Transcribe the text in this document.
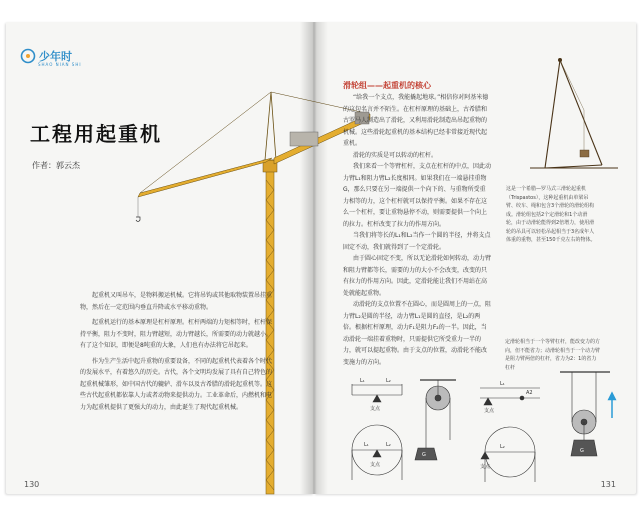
少年时
SHAO NIAN SHI
工程用起重机
作者：郭云杰

起重机又叫吊车，是物料搬运机械。它将吊钩或其他取物装置吊挂重物，然后在一定范围内垂直升降或水平移动重物。

起重机运行的基本原理是杠杆原理。杠杆两端的力矩相等时，杠杆保持平衡，阻力不变时，阻力臂越短，动力臂越长，所需要的动力就越小。有了这个知识，即便是8吨重的大象，人们也有办法将它吊起来。

作为生产生活中起升重物的重要设备，不同的起重机代表着各个时代的发展水平，有着悠久的历史。古代，各个文明均发展了具有自己特色的起重机械雏形，如中国古代的辘轳、滑车以及古希腊的滑轮起重机等。这些古代起重机都依靠人力或者动物来提供动力。工业革命后，内燃机和电力为起重机提供了更强大的动力，由此诞生了现代起重机械。

130
滑轮组——起重机的核心

“给我一个支点，我能撬起地球。”相信你对阿基米德的这句名言并不陌生。在杠杆原理的基础上，古希腊和古罗马人制造出了滑轮，又利用滑轮制造出吊起重物的机械。这些滑轮起重机的基本结构已经非常接近现代起重机。

滑轮的实质是可以转动的杠杆。

我们来看一个等臂杠杆，支点在杠杆的中点，因此动力臂L₁和阻力臂L₂长度相同。如果我们在一端悬挂重物G，那么只要在另一端提供一个向下的、与重物所受重力相等的力，这个杠杆就可以保持平衡。如果不存在这么一个杠杆，要让重物悬停不动，则需要提供一个向上的拉力。杠杆改变了拉力的作用方向。

当我们将等长的L₁和L₂当作一个圆的半径，并将支点固定不动，我们就得到了一个定滑轮。

由于圆心固定不变，所以无论滑轮如何转动，动力臂和阻力臂都等长，需要的力的大小不会改变，改变的只有拉力的作用方向。因此，定滑轮能让我们不用站在高处就能起重物。

动滑轮的支点位置不在圆心，而是圆周上的一点，阻力臂L₂是圆的半径，动力臂L₁是圆的直径，是L₂的两倍。根据杠杆原理，动力F₁是阻力F₂的一半。因此，当动滑轮一端挂着重物时，只需提供它所受重力一半的力，就可以提起重物。由于支点的位置，动滑轮不能改变施力的方向。

这是一个希腊—罗马式三滑轮起重机（Trispastos），这种起重机由单梁吊臂、绞车、绳和包含3个滑轮的滑轮组构成。滑轮组包括2个定滑轮和1个动滑轮，由于动滑轮能得到2倍增力，使用滑轮的吊具可以轻松吊起相当于3名成年人体重的重物，甚至150千克左右的物体。
定滑轮相当于一个等臂杠杆，能改变力的方向，但不能省力；动滑轮相当于一个动力臂是阻力臂两倍的杠杆，省力为2：1的省力杠杆
131
L₁	L₂
支点
L₁	L₂
支点
G
L₁
支点
A2
L₂
支点
G
